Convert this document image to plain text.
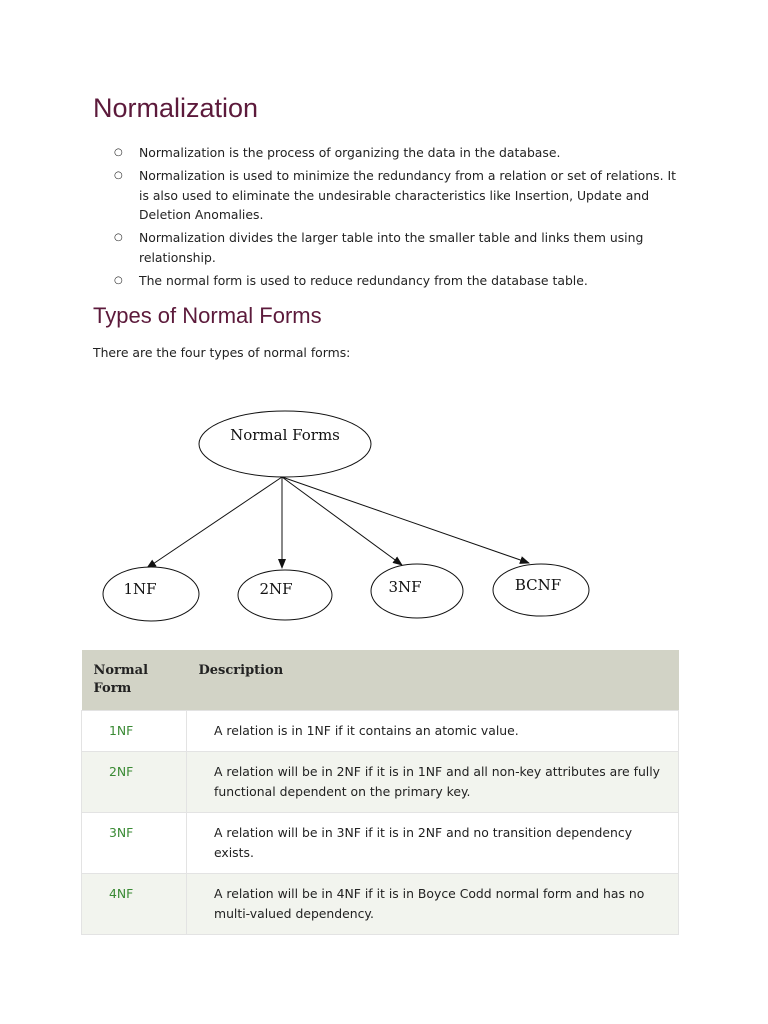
Normalization
○ Normalization is the process of organizing the data in the database.
○ Normalization is used to minimize the redundancy from a relation or set of relations. It is also used to eliminate the undesirable characteristics like Insertion, Update and Deletion Anomalies.
○ Normalization divides the larger table into the smaller table and links them using relationship.
○ The normal form is used to reduce redundancy from the database table.
Types of Normal Forms

There are the four types of normal forms:

Normal Forms
1NF	2NF	3NF	BCNF
Normal Form	Description
1NF	A relation is in 1NF if it contains an atomic value.
2NF	A relation will be in 2NF if it is in 1NF and all non-key attributes are fully functional dependent on the primary key.
3NF	A relation will be in 3NF if it is in 2NF and no transition dependency exists.
4NF	A relation will be in 4NF if it is in Boyce Codd normal form and has no multi-valued dependency.
